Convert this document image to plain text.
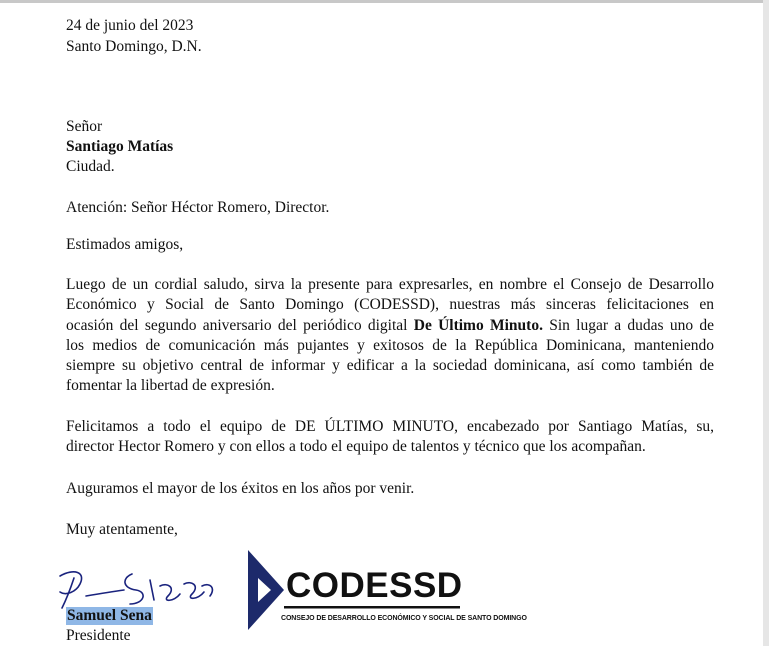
24 de junio del 2023
Santo Domingo, D.N.
Señor
Santiago Matías
Ciudad.
Atención: Señor Héctor Romero, Director.
Estimados amigos,
Luego de un cordial saludo, sirva la presente para expresarles, en nombre el Consejo de Desarrollo
Económico y Social de Santo Domingo (CODESSD), nuestras más sinceras felicitaciones en
ocasión del segundo aniversario del periódico digital De Último Minuto. Sin lugar a dudas uno de
los medios de comunicación más pujantes y exitosos de la República Dominicana, manteniendo
siempre su objetivo central de informar y edificar a la sociedad dominicana, así como también de
fomentar la libertad de expresión.
Felicitamos a todo el equipo de DE ÚLTIMO MINUTO, encabezado por Santiago Matías, su,
director Hector Romero y con ellos a todo el equipo de talentos y técnico que los acompañan.
Auguramos el mayor de los éxitos en los años por venir.
Muy atentamente,
Samuel Sena
Presidente
CODESSD
CONSEJO DE DESARROLLO ECONÓMICO Y SOCIAL DE SANTO DOMINGO
